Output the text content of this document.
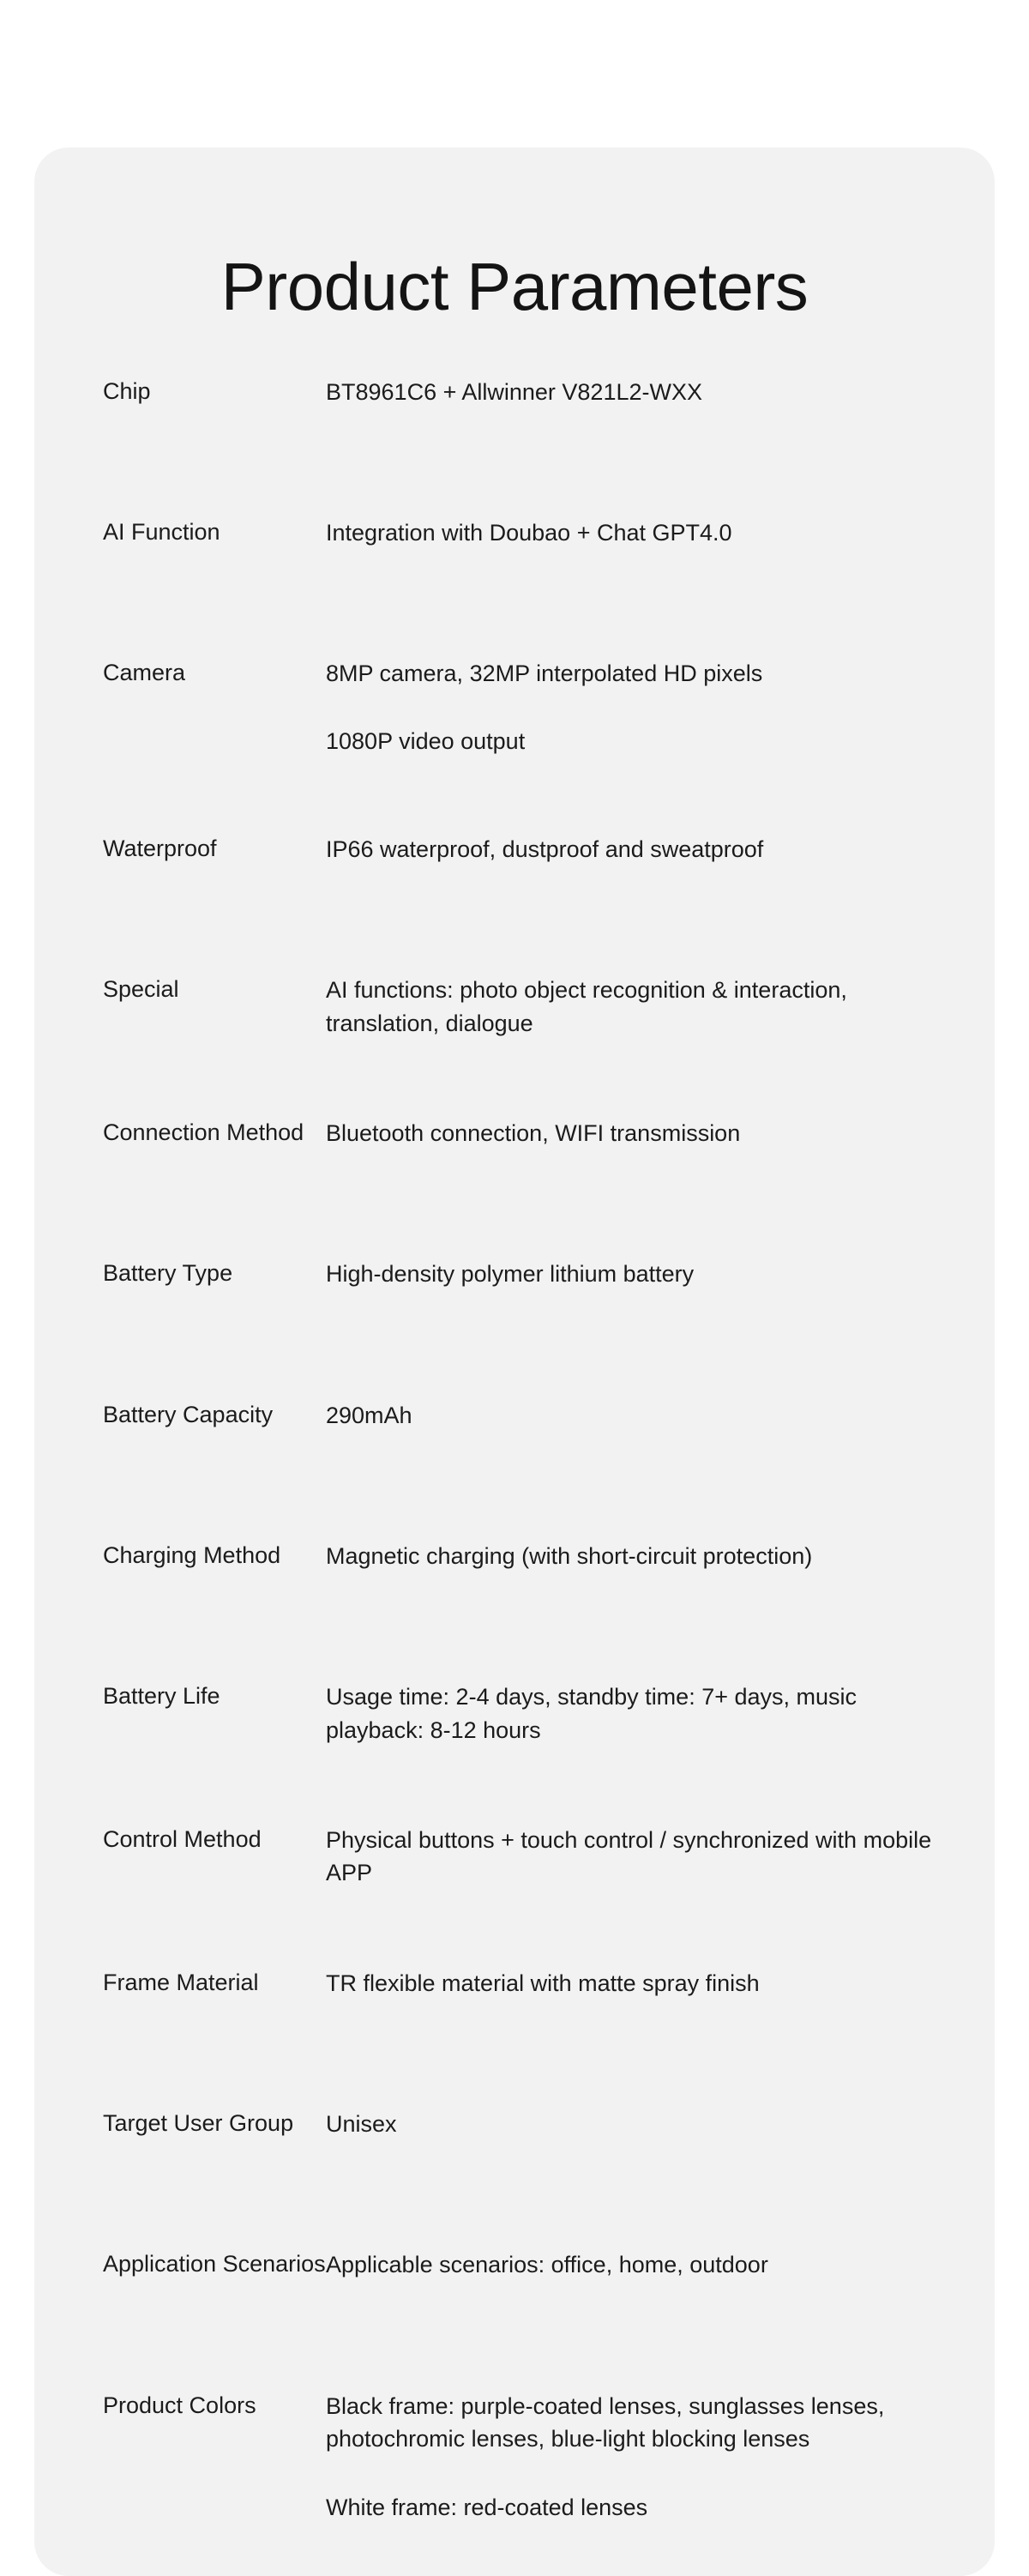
Product Parameters
Chip	BT8961C6 + Allwinner V821L2-WXX

AI Function	Integration with Doubao + Chat GPT4.0

Camera	8MP camera, 32MP interpolated HD pixels
1080P video output

Waterproof	IP66 waterproof, dustproof and sweatproof

Special	AI functions: photo object recognition & interaction, translation, dialogue

Connection Method	Bluetooth connection, WIFI transmission

Battery Type	High-density polymer lithium battery

Battery Capacity	290mAh

Charging Method	Magnetic charging (with short-circuit protection)

Battery Life	Usage time: 2-4 days, standby time: 7+ days, music playback: 8-12 hours

Control Method	Physical buttons + touch control / synchronized with mobile APP

Frame Material	TR flexible material with matte spray finish

Target User Group	Unisex

Application Scenarios	Applicable scenarios: office, home, outdoor

Product Colors	Black frame: purple-coated lenses, sunglasses lenses, photochromic lenses, blue-light blocking lenses
White frame: red-coated lenses
